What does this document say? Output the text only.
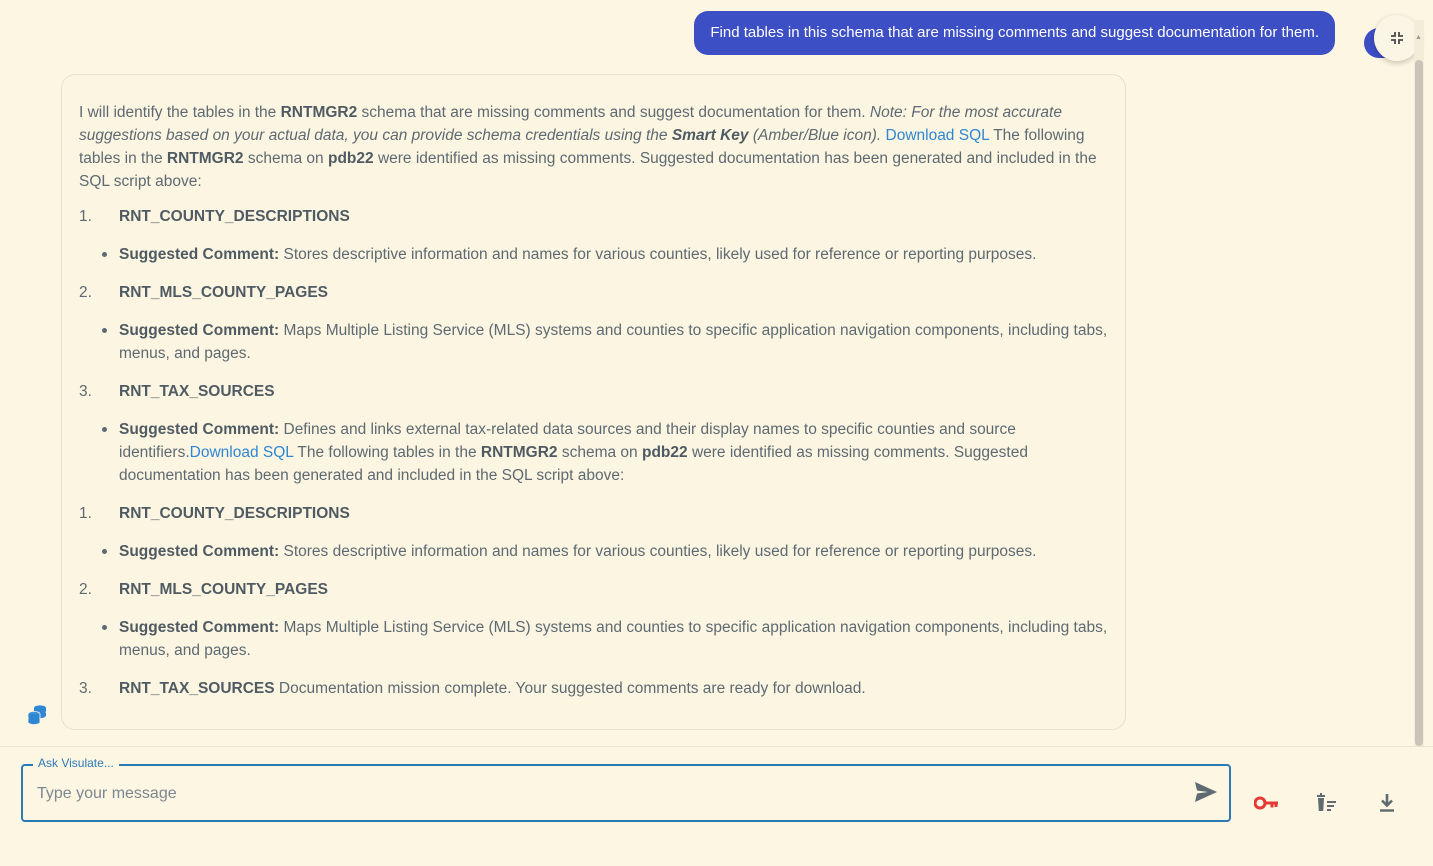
Find tables in this schema that are missing comments and suggest documentation for them.

I will identify the tables in the RNTMGR2 schema that are missing comments and suggest documentation for them. Note: For the most accurate suggestions based on your actual data, you can provide schema credentials using the Smart Key (Amber/Blue icon). Download SQL The following tables in the RNTMGR2 schema on pdb22 were identified as missing comments. Suggested documentation has been generated and included in the SQL script above:

1. RNT_COUNTY_DESCRIPTIONS
Suggested Comment: Stores descriptive information and names for various counties, likely used for reference or reporting purposes.
2. RNT_MLS_COUNTY_PAGES
Suggested Comment: Maps Multiple Listing Service (MLS) systems and counties to specific application navigation components, including tabs, menus, and pages.
3. RNT_TAX_SOURCES
Suggested Comment: Defines and links external tax-related data sources and their display names to specific counties and source identifiers.Download SQL The following tables in the RNTMGR2 schema on pdb22 were identified as missing comments. Suggested documentation has been generated and included in the SQL script above:
1. RNT_COUNTY_DESCRIPTIONS
Suggested Comment: Stores descriptive information and names for various counties, likely used for reference or reporting purposes.
2. RNT_MLS_COUNTY_PAGES
Suggested Comment: Maps Multiple Listing Service (MLS) systems and counties to specific application navigation components, including tabs, menus, and pages.
3. RNT_TAX_SOURCES Documentation mission complete. Your suggested comments are ready for download.
▲
Ask Visulate...
Type your message
